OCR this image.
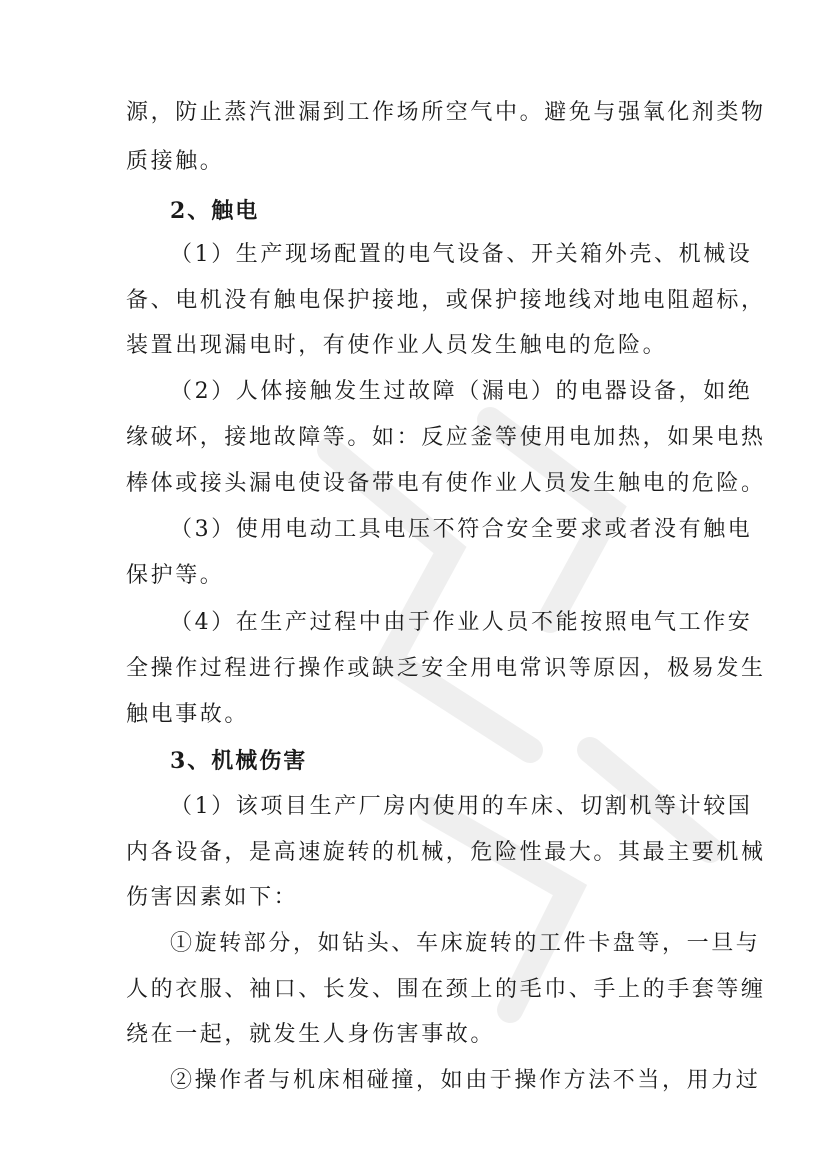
源，防止蒸汽泄漏到工作场所空气中。避免与强氧化剂类物
质接触。
2、触电
（1）生产现场配置的电气设备、开关箱外壳、机械设
备、电机没有触电保护接地，或保护接地线对地电阻超标，
装置出现漏电时，有使作业人员发生触电的危险。
（2）人体接触发生过故障（漏电）的电器设备，如绝
缘破坏，接地故障等。如：反应釜等使用电加热，如果电热
棒体或接头漏电使设备带电有使作业人员发生触电的危险。
（3）使用电动工具电压不符合安全要求或者没有触电
保护等。
（4）在生产过程中由于作业人员不能按照电气工作安
全操作过程进行操作或缺乏安全用电常识等原因，极易发生
触电事故。
3、机械伤害
（1）该项目生产厂房内使用的车床、切割机等计较国
内各设备，是高速旋转的机械，危险性最大。其最主要机械
伤害因素如下：
①旋转部分，如钻头、车床旋转的工件卡盘等，一旦与
人的衣服、袖口、长发、围在颈上的毛巾、手上的手套等缠
绕在一起，就发生人身伤害事故。
②操作者与机床相碰撞，如由于操作方法不当，用力过
